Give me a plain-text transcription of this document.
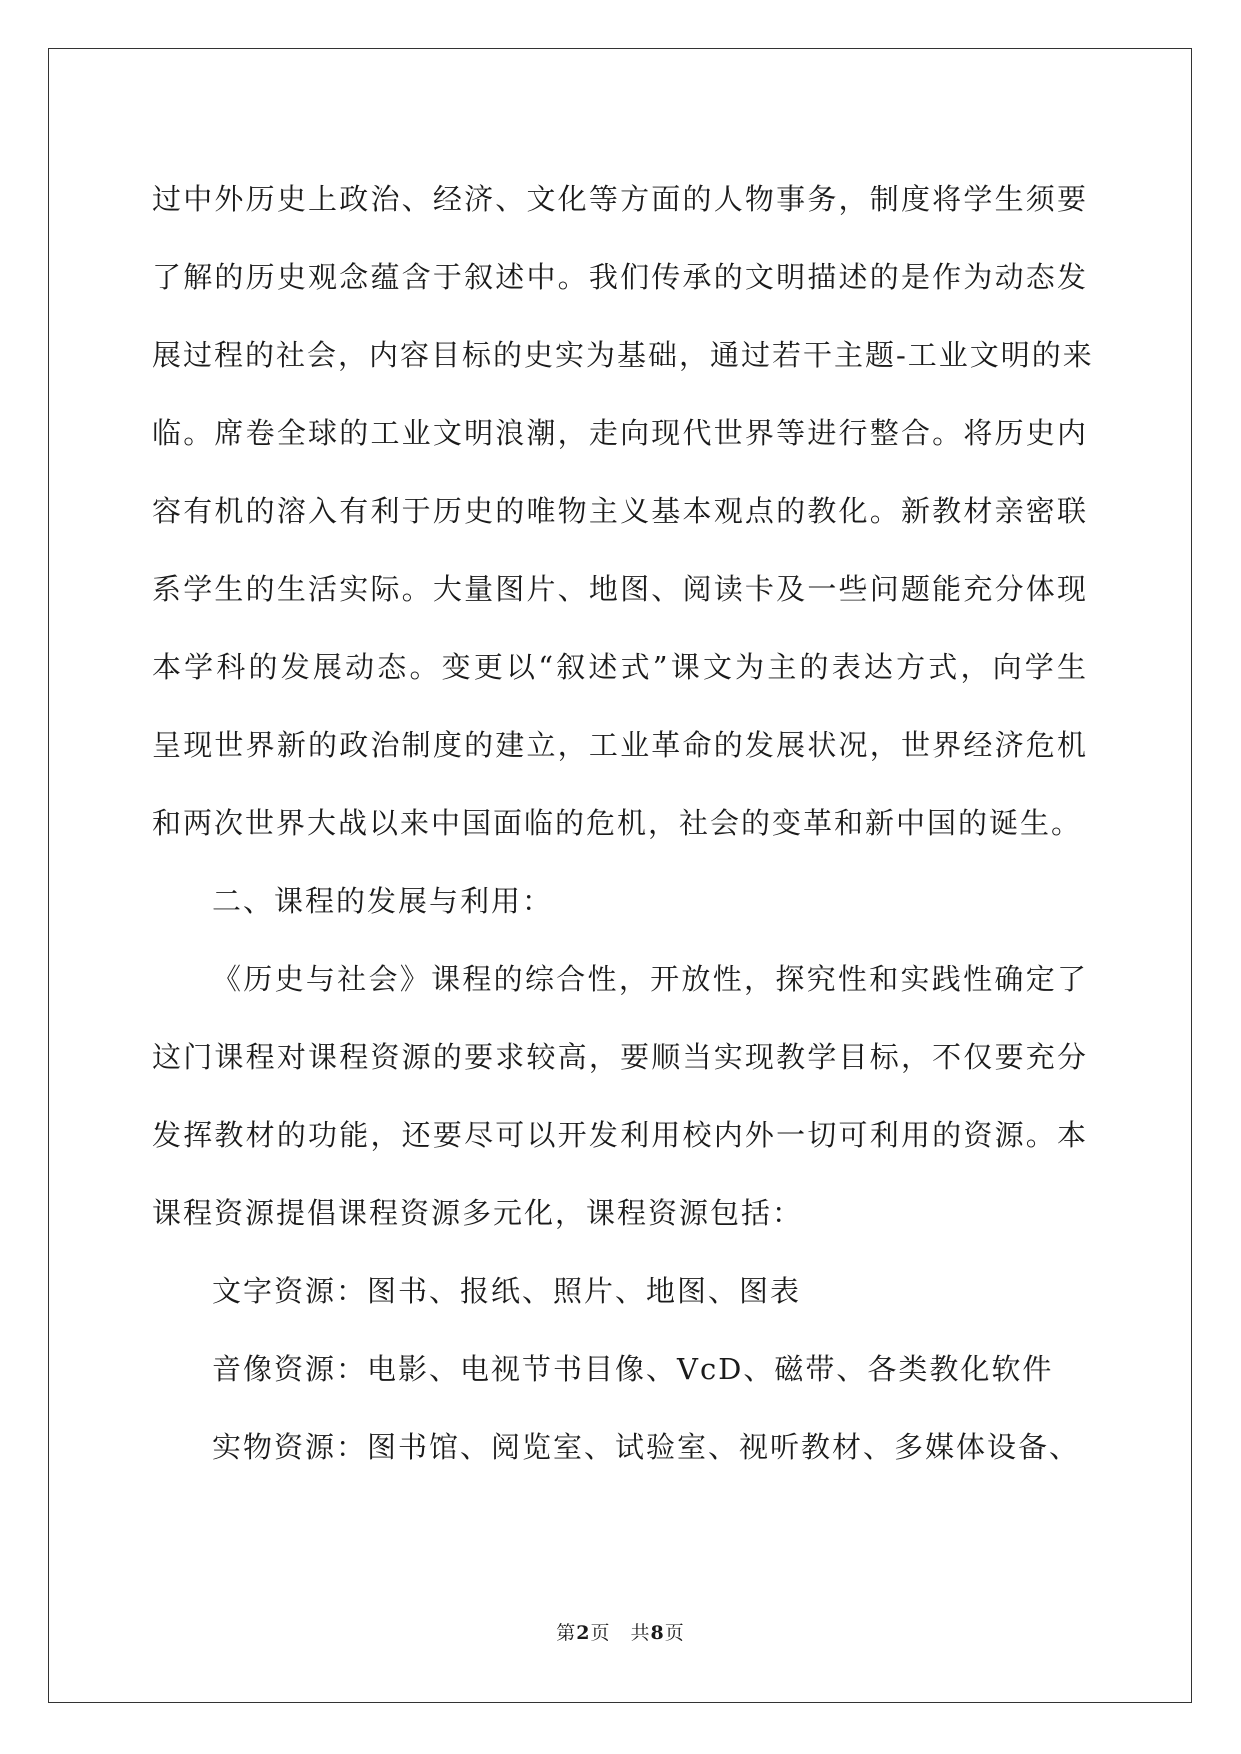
过中外历史上政治、经济、文化等方面的人物事务，制度将学生须要
了解的历史观念蕴含于叙述中。我们传承的文明描述的是作为动态发
展过程的社会，内容目标的史实为基础，通过若干主题-工业文明的来
临。席卷全球的工业文明浪潮，走向现代世界等进行整合。将历史内
容有机的溶入有利于历史的唯物主义基本观点的教化。新教材亲密联
系学生的生活实际。大量图片、地图、阅读卡及一些问题能充分体现
本学科的发展动态。变更以“叙述式”课文为主的表达方式，向学生
呈现世界新的政治制度的建立，工业革命的发展状况，世界经济危机
和两次世界大战以来中国面临的危机，社会的变革和新中国的诞生。
二、课程的发展与利用：
《历史与社会》课程的综合性，开放性，探究性和实践性确定了
这门课程对课程资源的要求较高，要顺当实现教学目标，不仅要充分
发挥教材的功能，还要尽可以开发利用校内外一切可利用的资源。本
课程资源提倡课程资源多元化，课程资源包括：
文字资源：图书、报纸、照片、地图、图表
音像资源：电影、电视节书目像、VcD、磁带、各类教化软件
实物资源：图书馆、阅览室、试验室、视听教材、多媒体设备、
第2页　共8页
